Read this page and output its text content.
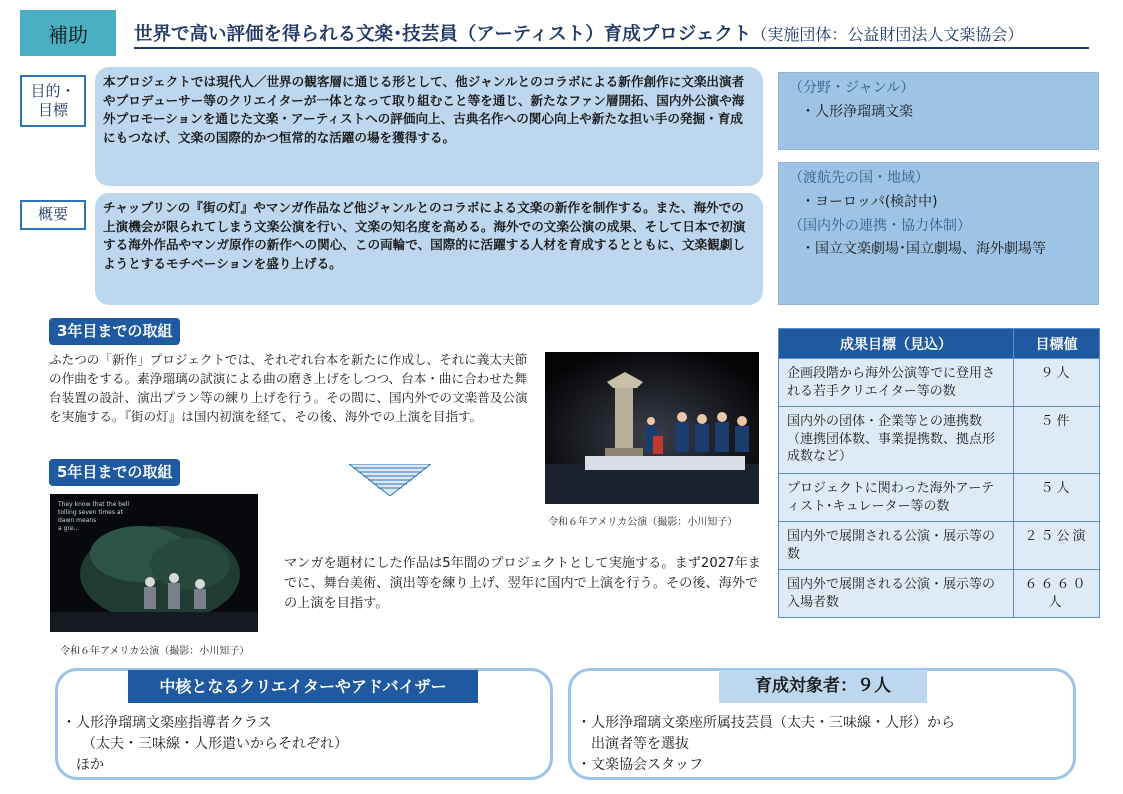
補助	世界で高い評価を得られる文楽･技芸員（アーティスト）育成プロジェクト（実施団体：公益財団法人文楽協会）
目的・
目標
本プロジェクトでは現代人／世界の観客層に通じる形として、他ジャンルとのコラボによる新作創作に文楽出演者やプロデューサー等のクリエイターが一体となって取り組むこと等を通じ、新たなファン層開拓、国内外公演や海外プロモーションを通じた文楽・アーティストへの評価向上、古典名作への関心向上や新たな担い手の発掘・育成にもつなげ、文楽の国際的かつ恒常的な活躍の場を獲得する。
概要	チャップリンの『街の灯』やマンガ作品など他ジャンルとのコラボによる文楽の新作を制作する。また、海外での上演機会が限られてしまう文楽公演を行い、文楽の知名度を高める。海外での文楽公演の成果、そして日本で初演する海外作品やマンガ原作の新作への関心、この両輪で、国際的に活躍する人材を育成するとともに、文楽観劇しようとするモチベーションを盛り上げる。
（分野・ジャンル）
・人形浄瑠璃文楽
（渡航先の国・地域）
・ヨーロッパ(検討中)
（国内外の連携・協力体制）
・国立文楽劇場･国立劇場、海外劇場等
3年目までの取組
ふたつの「新作」プロジェクトでは、それぞれ台本を新たに作成し、それに義太夫節の作曲をする。素浄瑠璃の試演による曲の磨き上げをしつつ、台本・曲に合わせた舞台装置の設計、演出プラン等の練り上げを行う。その間に、国内外での文楽普及公演を実施する。『街の灯』は国内初演を経て、その後、海外での上演を目指す。
令和６年アメリカ公演（撮影：小川知子）
5年目までの取組
They know that the bell
tolling seven times at
dawn means
a gre...
令和６年アメリカ公演（撮影：小川知子）
マンガを題材にした作品は5年間のプロジェクトとして実施する。まず2027年までに、舞台美術、演出等を練り上げ、翌年に国内で上演を行う。その後、海外での上演を目指す。
成果目標（見込）	目標値
企画段階から海外公演等でに登用される若手クリエイター等の数	９人
国内外の団体・企業等との連携数（連携団体数、事業提携数、拠点形成数など）	５件
プロジェクトに関わった海外アーティスト･キュレーター等の数	５人
国内外で展開される公演・展示等の数	２５公演
国内外で展開される公演・展示等の入場者数	６６６０人
中核となるクリエイターやアドバイザー
・人形浄瑠璃文楽座指導者クラス
（太夫・三味線・人形遣いからそれぞれ）
ほか
育成対象者：９人
・人形浄瑠璃文楽座所属技芸員（太夫・三味線・人形）から
出演者等を選抜
・文楽協会スタッフ
